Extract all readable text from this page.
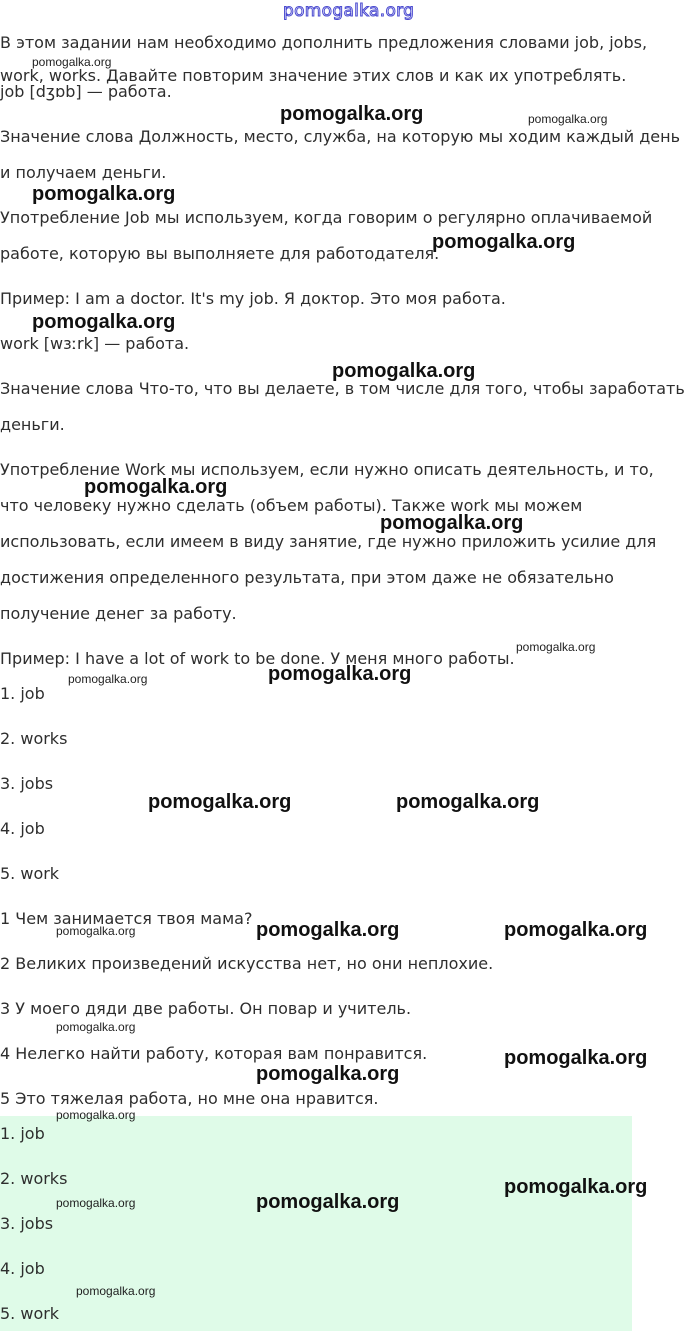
pomogalka.org
В этом задании нам необходимо дополнить предложения словами job, jobs,
work, works. Давайте повторим значение этих слов и как их употреблять.
job [dʒɒb] — работа.
Значение слова Должность, место, служба, на которую мы ходим каждый день
и получаем деньги.
Употребление Job мы используем, когда говорим о регулярно оплачиваемой
работе, которую вы выполняете для работодателя.
Пример: I am a doctor. It's my job. Я доктор. Это моя работа.
work [wɜːrk] — работа.
Значение слова Что-то, что вы делаете, в том числе для того, чтобы заработать
деньги.
Употребление Work мы используем, если нужно описать деятельность, и то,
что человеку нужно сделать (объем работы). Также work мы можем
использовать, если имеем в виду занятие, где нужно приложить усилие для
достижения определенного результата, при этом даже не обязательно
получение денег за работу.
Пример: I have a lot of work to be done. У меня много работы.
1. job
2. works
3. jobs
4. job
5. work
1 Чем занимается твоя мама?
2 Великих произведений искусства нет, но они неплохие.
3 У моего дяди две работы. Он повар и учитель.
4 Нелегко найти работу, которая вам понравится.
5 Это тяжелая работа, но мне она нравится.
1. job
2. works
3. jobs
4. job
5. work
pomogalka.org
pomogalka.org	pomogalka.org
pomogalka.org
pomogalka.org
pomogalka.org
pomogalka.org
pomogalka.org
pomogalka.org
pomogalka.org
pomogalka.org	pomogalka.org
pomogalka.org	pomogalka.org
pomogalka.org	pomogalka.org	pomogalka.org
pomogalka.org
pomogalka.org
pomogalka.org
pomogalka.org
pomogalka.org
pomogalka.org	pomogalka.org
pomogalka.org
